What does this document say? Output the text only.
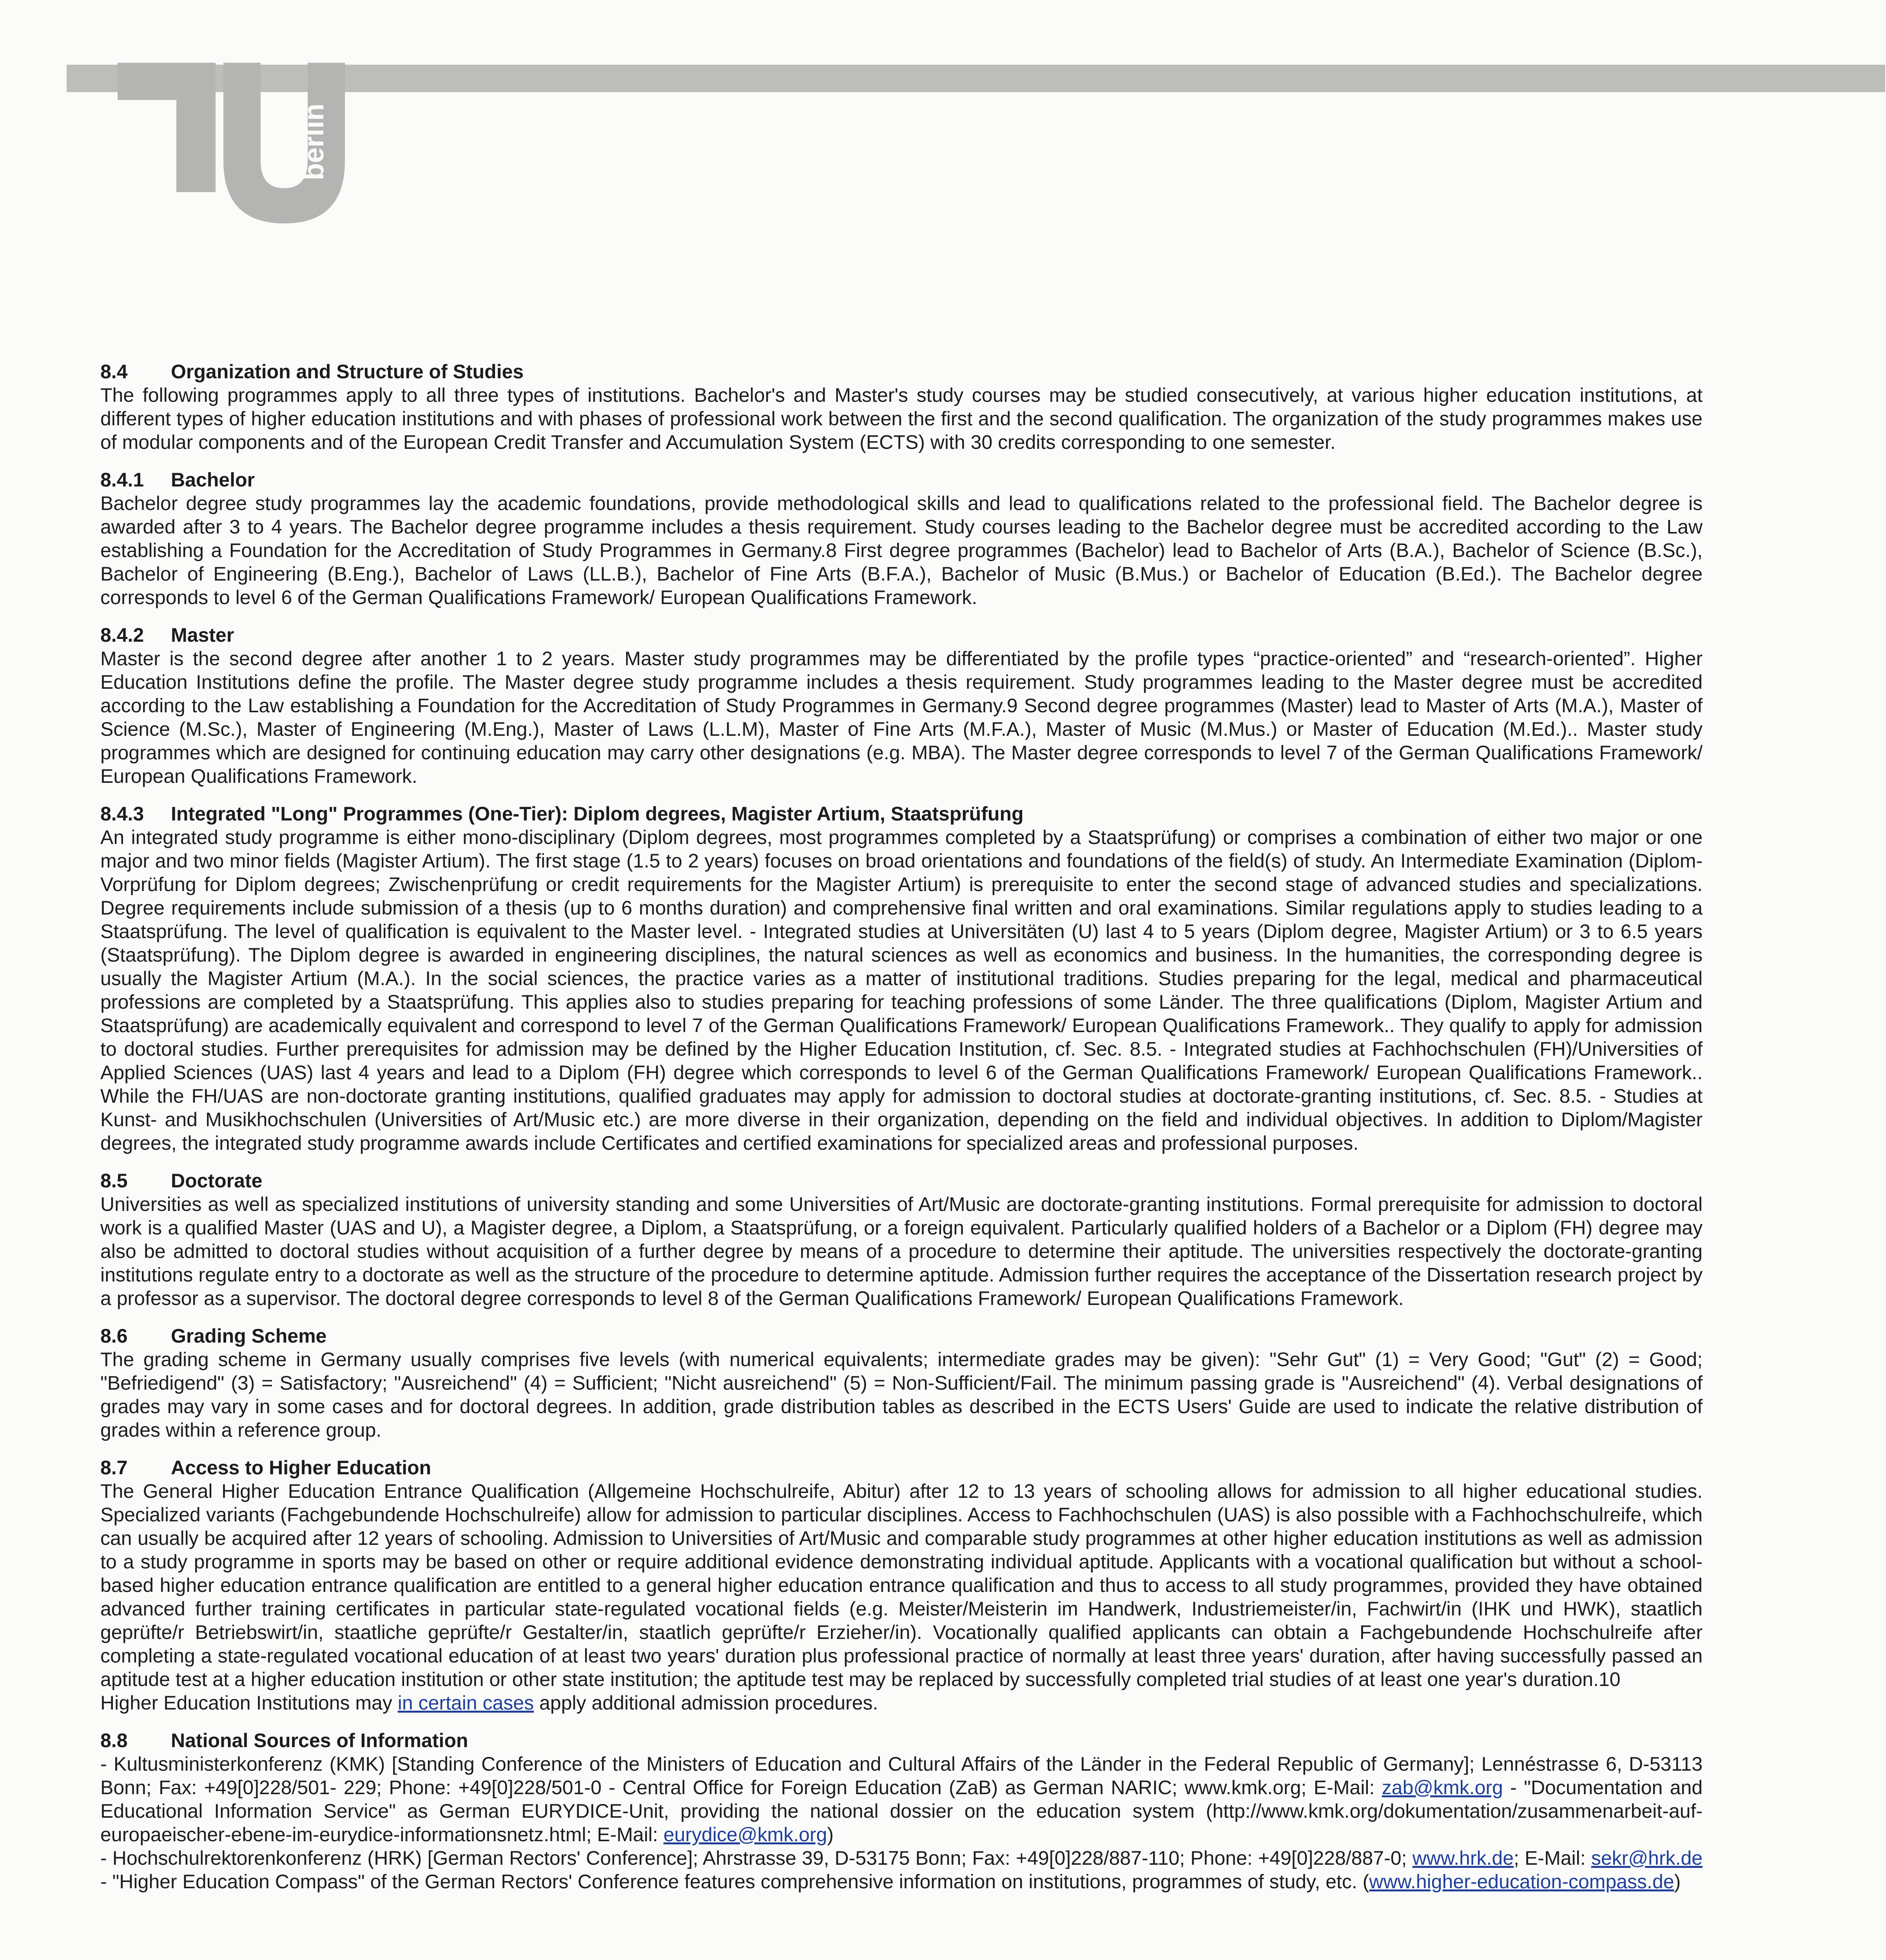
berlin
8.4 Organization and Structure of Studies

The following programmes apply to all three types of institutions. Bachelor's and Master's study courses may be studied consecutively, at various higher education institutions, at different types of higher education institutions and with phases of professional work between the first and the second qualification. The organization of the study programmes makes use of modular components and of the European Credit Transfer and Accumulation System (ECTS) with 30 credits corresponding to one semester.

8.4.1 Bachelor

Bachelor degree study programmes lay the academic foundations, provide methodological skills and lead to qualifications related to the professional field. The Bachelor degree is awarded after 3 to 4 years. The Bachelor degree programme includes a thesis requirement. Study courses leading to the Bachelor degree must be accredited according to the Law establishing a Foundation for the Accreditation of Study Programmes in Germany.8 First degree programmes (Bachelor) lead to Bachelor of Arts (B.A.), Bachelor of Science (B.Sc.), Bachelor of Engineering (B.Eng.), Bachelor of Laws (LL.B.), Bachelor of Fine Arts (B.F.A.), Bachelor of Music (B.Mus.) or Bachelor of Education (B.Ed.). The Bachelor degree corresponds to level 6 of the German Qualifications Framework/ European Qualifications Framework.

8.4.2 Master

Master is the second degree after another 1 to 2 years. Master study programmes may be differentiated by the profile types “practice-oriented” and “research-oriented”. Higher Education Institutions define the profile. The Master degree study programme includes a thesis requirement. Study programmes leading to the Master degree must be accredited according to the Law establishing a Foundation for the Accreditation of Study Programmes in Germany.9 Second degree programmes (Master) lead to Master of Arts (M.A.), Master of Science (M.Sc.), Master of Engineering (M.Eng.), Master of Laws (L.L.M), Master of Fine Arts (M.F.A.), Master of Music (M.Mus.) or Master of Education (M.Ed.).. Master study programmes which are designed for continuing education may carry other designations (e.g. MBA). The Master degree corresponds to level 7 of the German Qualifications Framework/ European Qualifications Framework.

8.4.3 Integrated "Long" Programmes (One-Tier): Diplom degrees, Magister Artium, Staatsprüfung

An integrated study programme is either mono-disciplinary (Diplom degrees, most programmes completed by a Staatsprüfung) or comprises a combination of either two major or one major and two minor fields (Magister Artium). The first stage (1.5 to 2 years) focuses on broad orientations and foundations of the field(s) of study. An Intermediate Examination (Diplom-Vorprüfung for Diplom degrees; Zwischenprüfung or credit requirements for the Magister Artium) is prerequisite to enter the second stage of advanced studies and specializations. Degree requirements include submission of a thesis (up to 6 months duration) and comprehensive final written and oral examinations. Similar regulations apply to studies leading to a Staatsprüfung. The level of qualification is equivalent to the Master level. - Integrated studies at Universitäten (U) last 4 to 5 years (Diplom degree, Magister Artium) or 3 to 6.5 years (Staatsprüfung). The Diplom degree is awarded in engineering disciplines, the natural sciences as well as economics and business. In the humanities, the corresponding degree is usually the Magister Artium (M.A.). In the social sciences, the practice varies as a matter of institutional traditions. Studies preparing for the legal, medical and pharmaceutical professions are completed by a Staatsprüfung. This applies also to studies preparing for teaching professions of some Länder. The three qualifications (Diplom, Magister Artium and Staatsprüfung) are academically equivalent and correspond to level 7 of the German Qualifications Framework/ European Qualifications Framework.. They qualify to apply for admission to doctoral studies. Further prerequisites for admission may be defined by the Higher Education Institution, cf. Sec. 8.5. - Integrated studies at Fachhochschulen (FH)/Universities of Applied Sciences (UAS) last 4 years and lead to a Diplom (FH) degree which corresponds to level 6 of the German Qualifications Framework/ European Qualifications Framework.. While the FH/UAS are non-doctorate granting institutions, qualified graduates may apply for admission to doctoral studies at doctorate-granting institutions, cf. Sec. 8.5. - Studies at Kunst- and Musikhochschulen (Universities of Art/Music etc.) are more diverse in their organization, depending on the field and individual objectives. In addition to Diplom/Magister degrees, the integrated study programme awards include Certificates and certified examinations for specialized areas and professional purposes.

8.5 Doctorate

Universities as well as specialized institutions of university standing and some Universities of Art/Music are doctorate-granting institutions. Formal prerequisite for admission to doctoral work is a qualified Master (UAS and U), a Magister degree, a Diplom, a Staatsprüfung, or a foreign equivalent. Particularly qualified holders of a Bachelor or a Diplom (FH) degree may also be admitted to doctoral studies without acquisition of a further degree by means of a procedure to determine their aptitude. The universities respectively the doctorate-granting institutions regulate entry to a doctorate as well as the structure of the procedure to determine aptitude. Admission further requires the acceptance of the Dissertation research project by a professor as a supervisor. The doctoral degree corresponds to level 8 of the German Qualifications Framework/ European Qualifications Framework.

8.6 Grading Scheme

The grading scheme in Germany usually comprises five levels (with numerical equivalents; intermediate grades may be given): "Sehr Gut" (1) = Very Good; "Gut" (2) = Good; "Befriedigend" (3) = Satisfactory; "Ausreichend" (4) = Sufficient; "Nicht ausreichend" (5) = Non-Sufficient/Fail. The minimum passing grade is "Ausreichend" (4). Verbal designations of grades may vary in some cases and for doctoral degrees. In addition, grade distribution tables as described in the ECTS Users' Guide are used to indicate the relative distribution of grades within a reference group.

8.7 Access to Higher Education

The General Higher Education Entrance Qualification (Allgemeine Hochschulreife, Abitur) after 12 to 13 years of schooling allows for admission to all higher educational studies. Specialized variants (Fachgebundende Hochschulreife) allow for admission to particular disciplines. Access to Fachhochschulen (UAS) is also possible with a Fachhochschulreife, which can usually be acquired after 12 years of schooling. Admission to Universities of Art/Music and comparable study programmes at other higher education institutions as well as admission to a study programme in sports may be based on other or require additional evidence demonstrating individual aptitude. Applicants with a vocational qualification but without a school-based higher education entrance qualification are entitled to a general higher education entrance qualification and thus to access to all study programmes, provided they have obtained advanced further training certificates in particular state-regulated vocational fields (e.g. Meister/Meisterin im Handwerk, Industriemeister/in, Fachwirt/in (IHK und HWK), staatlich geprüfte/r Betriebswirt/in, staatliche geprüfte/r Gestalter/in, staatlich geprüfte/r Erzieher/in). Vocationally qualified applicants can obtain a Fachgebundende Hochschulreife after completing a state-regulated vocational education of at least two years' duration plus professional practice of normally at least three years' duration, after having successfully passed an aptitude test at a higher education institution or other state institution; the aptitude test may be replaced by successfully completed trial studies of at least one year's duration.10

Higher Education Institutions may in certain cases apply additional admission procedures.

8.8 National Sources of Information

- Kultusministerkonferenz (KMK) [Standing Conference of the Ministers of Education and Cultural Affairs of the Länder in the Federal Republic of Germany]; Lennéstrasse 6, D-53113 Bonn; Fax: +49[0]228/501- 229; Phone: +49[0]228/501-0 - Central Office for Foreign Education (ZaB) as German NARIC; www.kmk.org; E-Mail: zab@kmk.org - "Documentation and Educational Information Service" as German EURYDICE-Unit, providing the national dossier on the education system (http://www.kmk.org/dokumentation/zusammenarbeit-auf-europaeischer-ebene-im-eurydice-informationsnetz.html; E-Mail: eurydice@kmk.org)

- Hochschulrektorenkonferenz (HRK) [German Rectors' Conference]; Ahrstrasse 39, D-53175 Bonn; Fax: +49[0]228/887-110; Phone: +49[0]228/887-0; www.hrk.de; E-Mail: sekr@hrk.de - "Higher Education Compass" of the German Rectors' Conference features comprehensive information on institutions, programmes of study, etc. (www.higher-education-compass.de)
